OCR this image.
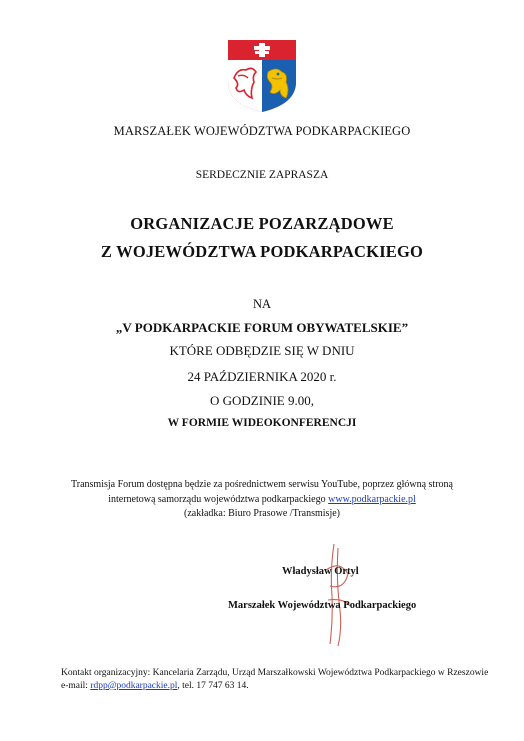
MARSZAŁEK WOJEWÓDZTWA PODKARPACKIEGO
SERDECZNIE ZAPRASZA
ORGANIZACJE POZARZĄDOWE
Z WOJEWÓDZTWA PODKARPACKIEGO
NA
„V PODKARPACKIE FORUM OBYWATELSKIE”
KTÓRE ODBĘDZIE SIĘ W DNIU
24 PAŹDZIERNIKA 2020 r.
O GODZINIE 9.00,
W FORMIE WIDEOKONFERENCJI
Transmisja Forum dostępna będzie za pośrednictwem serwisu YouTube, poprzez główną stroną
internetową samorządu województwa podkarpackiego www.podkarpackie.pl
(zakładka: Biuro Prasowe /Transmisje)
Władysław Ortyl
Marszałek Województwa Podkarpackiego
Kontakt organizacyjny: Kancelaria Zarządu, Urząd Marszałkowski Województwa Podkarpackiego w Rzeszowie
e-mail: rdpp@podkarpackie.pl, tel. 17 747 63 14.
